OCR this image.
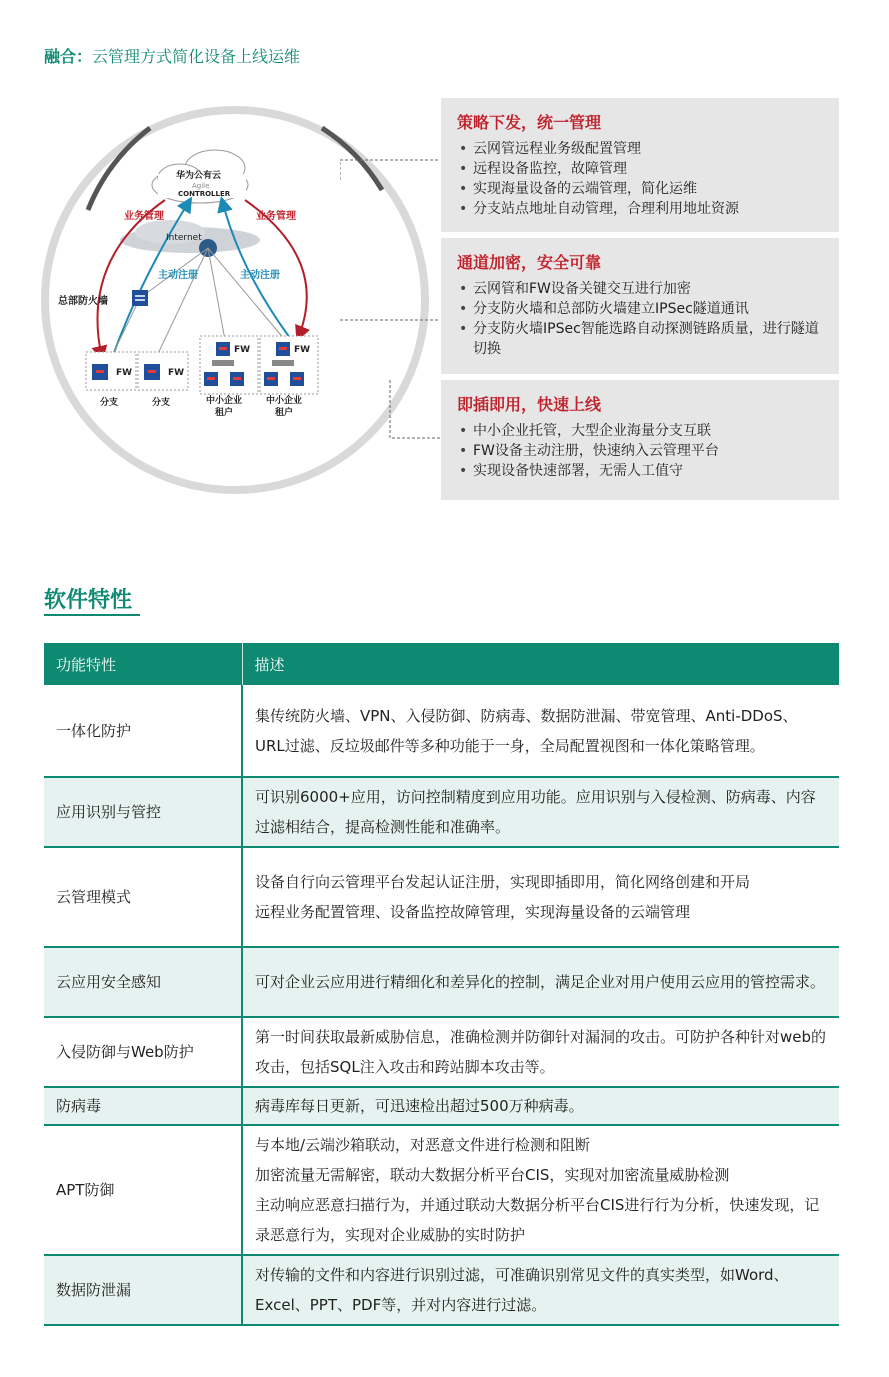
融合：云管理方式简化设备上线运维
华为公有云
Agile
CONTROLLER
Internet
业务管理	业务管理
主动注册	主动注册
总部防火墙
FW	FW
FW	FW
分支	分支	中小企业
租户
中小企业
租户
策略下发，统一管理
• 云网管远程业务级配置管理
• 远程设备监控，故障管理
• 实现海量设备的云端管理，简化运维
• 分支站点地址自动管理，合理利用地址资源
通道加密，安全可靠
• 云网管和FW设备关键交互进行加密
• 分支防火墙和总部防火墙建立IPSec隧道通讯
• 分支防火墙IPSec智能选路自动探测链路质量，进行隧道切换
即插即用，快速上线
• 中小企业托管，大型企业海量分支互联
• FW设备主动注册，快速纳入云管理平台
• 实现设备快速部署，无需人工值守
软件特性
功能特性	描述
一体化防护	集传统防火墙、VPN、入侵防御、防病毒、数据防泄漏、带宽管理、Anti-DDoS、URL过滤、反垃圾邮件等多种功能于一身，全局配置视图和一体化策略管理。

应用识别与管控	可识别6000+应用，访问控制精度到应用功能。应用识别与入侵检测、防病毒、内容过滤相结合，提高检测性能和准确率。

云管理模式	设备自行向云管理平台发起认证注册，实现即插即用，简化网络创建和开局
远程业务配置管理、设备监控故障管理，实现海量设备的云端管理

云应用安全感知	可对企业云应用进行精细化和差异化的控制，满足企业对用户使用云应用的管控需求。

入侵防御与Web防护	第一时间获取最新威胁信息，准确检测并防御针对漏洞的攻击。可防护各种针对web的攻击，包括SQL注入攻击和跨站脚本攻击等。

防病毒	病毒库每日更新，可迅速检出超过500万种病毒。

APT防御	与本地/云端沙箱联动，对恶意文件进行检测和阻断
加密流量无需解密，联动大数据分析平台CIS，实现对加密流量威胁检测
主动响应恶意扫描行为，并通过联动大数据分析平台CIS进行行为分析，快速发现，记录恶意行为，实现对企业威胁的实时防护

数据防泄漏	对传输的文件和内容进行识别过滤，可准确识别常见文件的真实类型，如Word、Excel、PPT、PDF等，并对内容进行过滤。
